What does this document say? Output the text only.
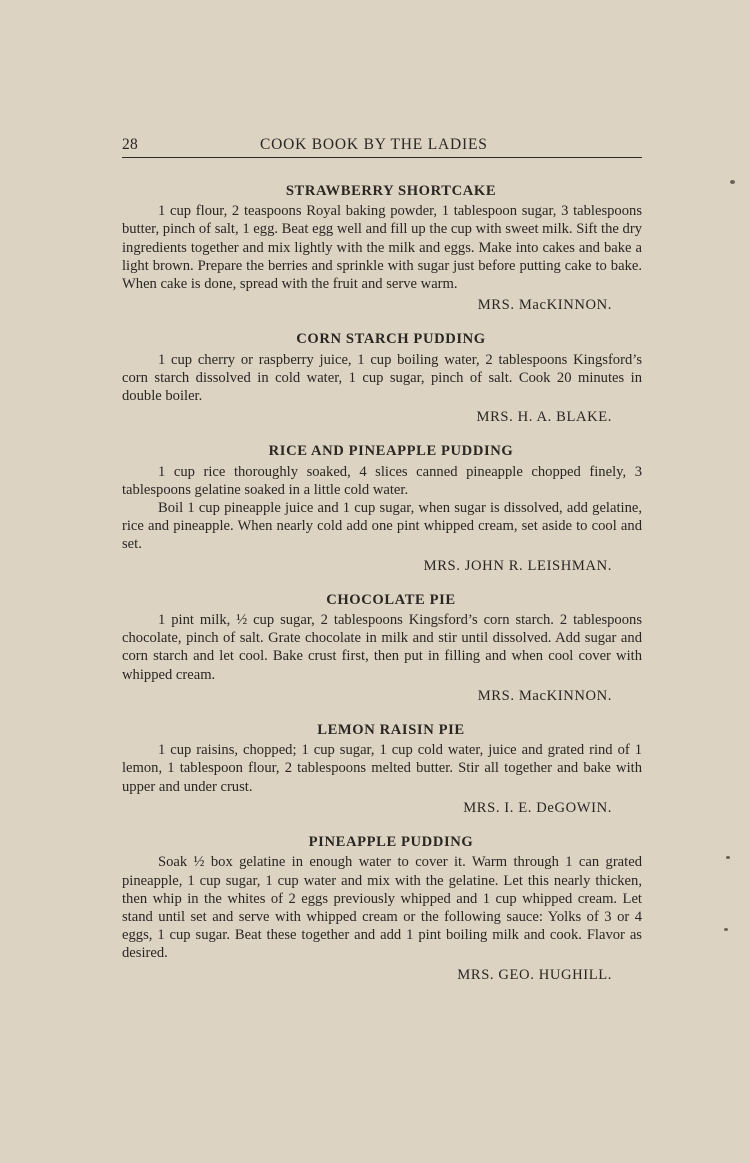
28	COOK BOOK BY THE LADIES
STRAWBERRY SHORTCAKE

1 cup flour, 2 teaspoons Royal baking powder, 1 tablespoon sugar, 3 tablespoons butter, pinch of salt, 1 egg. Beat egg well and fill up the cup with sweet milk. Sift the dry ingredients together and mix lightly with the milk and eggs. Make into cakes and bake a light brown. Prepare the berries and sprinkle with sugar just before putting cake to bake. When cake is done, spread with the fruit and serve warm.

MRS. MacKINNON.
CORN STARCH PUDDING

1 cup cherry or raspberry juice, 1 cup boiling water, 2 tablespoons Kingsford’s corn starch dissolved in cold water, 1 cup sugar, pinch of salt. Cook 20 minutes in double boiler.

MRS. H. A. BLAKE.
RICE AND PINEAPPLE PUDDING

1 cup rice thoroughly soaked, 4 slices canned pineapple chopped finely, 3 tablespoons gelatine soaked in a little cold water.

Boil 1 cup pineapple juice and 1 cup sugar, when sugar is dissolved, add gelatine, rice and pineapple. When nearly cold add one pint whipped cream, set aside to cool and set.

MRS. JOHN R. LEISHMAN.
CHOCOLATE PIE

1 pint milk, ½ cup sugar, 2 tablespoons Kingsford’s corn starch. 2 tablespoons chocolate, pinch of salt. Grate chocolate in milk and stir until dissolved. Add sugar and corn starch and let cool. Bake crust first, then put in filling and when cool cover with whipped cream.

MRS. MacKINNON.
LEMON RAISIN PIE

1 cup raisins, chopped; 1 cup sugar, 1 cup cold water, juice and grated rind of 1 lemon, 1 tablespoon flour, 2 tablespoons melted butter. Stir all together and bake with upper and under crust.

MRS. I. E. DeGOWIN.
PINEAPPLE PUDDING

Soak ½ box gelatine in enough water to cover it. Warm through 1 can grated pineapple, 1 cup sugar, 1 cup water and mix with the gelatine. Let this nearly thicken, then whip in the whites of 2 eggs previously whipped and 1 cup whipped cream. Let stand until set and serve with whipped cream or the following sauce: Yolks of 3 or 4 eggs, 1 cup sugar. Beat these together and add 1 pint boiling milk and cook. Flavor as desired.

MRS. GEO. HUGHILL.
